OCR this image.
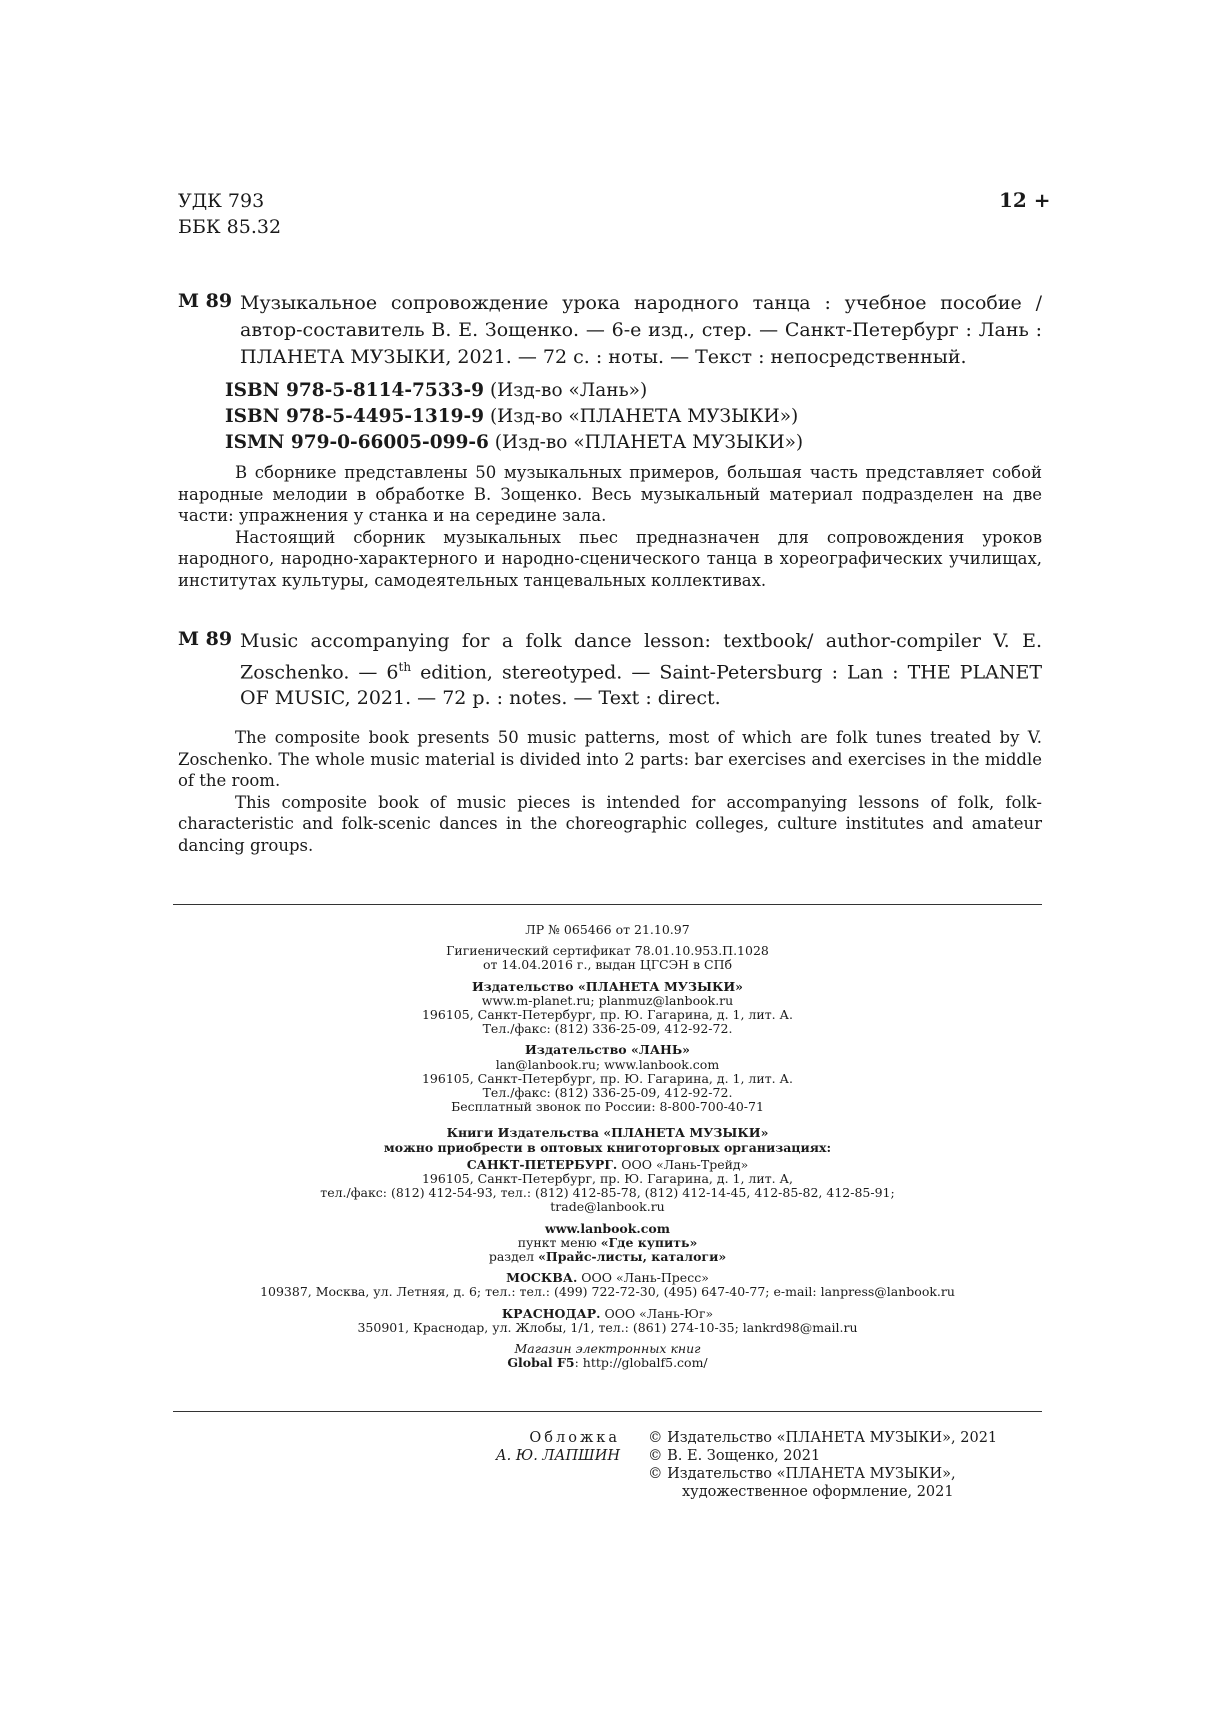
УДК 793
ББК 85.32
12 +
М 89 Музыкальное сопровождение урока народного танца : учебное пособие / автор-составитель В. Е. Зощенко. — 6-е изд., стер. — Санкт-Петербург : Лань : ПЛАНЕТА МУЗЫКИ, 2021. — 72 с. : ноты. — Текст : непосредственный.
ISBN 978-5-8114-7533-9 (Изд-во «Лань»)
ISBN 978-5-4495-1319-9 (Изд-во «ПЛАНЕТА МУЗЫКИ»)
ISMN 979-0-66005-099-6 (Изд-во «ПЛАНЕТА МУЗЫКИ»)

В сборнике представлены 50 музыкальных примеров, большая часть представляет собой народные мелодии в обработке В. Зощенко. Весь музыкальный материал подразделен на две части: упражнения у станка и на середине зала.

Настоящий сборник музыкальных пьес предназначен для сопровождения уроков народного, народно-характерного и народно-сценического танца в хореографических училищах, институтах культуры, самодеятельных танцевальных коллективах.

М 89 Music accompanying for a folk dance lesson: textbook/ author-compiler V. E. Zoschenko. — 6th edition, stereotyped. — Saint-Petersburg : Lan : THE PLANET OF MUSIC, 2021. — 72 p. : notes. — Text : direct.

The composite book presents 50 music patterns, most of which are folk tunes treated by V. Zoschenko. The whole music material is divided into 2 parts: bar exercises and exercises in the middle of the room.

This composite book of music pieces is intended for accompanying lessons of folk, folk-characteristic and folk-scenic dances in the choreographic colleges, culture institutes and amateur dancing groups.

ЛР № 065466 от 21.10.97
Гигиенический сертификат 78.01.10.953.П.1028
от 14.04.2016 г., выдан ЦГСЭН в СПб
Издательство «ПЛАНЕТА МУЗЫКИ»
www.m-planet.ru; planmuz@lanbook.ru
196105, Санкт-Петербург, пр. Ю. Гагарина, д. 1, лит. А.
Тел./факс: (812) 336-25-09, 412-92-72.
Издательство «ЛАНЬ»
lan@lanbook.ru; www.lanbook.com
196105, Санкт-Петербург, пр. Ю. Гагарина, д. 1, лит. А.
Тел./факс: (812) 336-25-09, 412-92-72.
Бесплатный звонок по России: 8-800-700-40-71
Книги Издательства «ПЛАНЕТА МУЗЫКИ»
можно приобрести в оптовых книготорговых организациях:
САНКТ-ПЕТЕРБУРГ. ООО «Лань-Трейд»
196105, Санкт-Петербург, пр. Ю. Гагарина, д. 1, лит. А,
тел./факс: (812) 412-54-93, тел.: (812) 412-85-78, (812) 412-14-45, 412-85-82, 412-85-91;
trade@lanbook.ru
www.lanbook.com
пункт меню «Где купить»
раздел «Прайс-листы, каталоги»
МОСКВА. ООО «Лань-Пресс»
109387, Москва, ул. Летняя, д. 6; тел.: тел.: (499) 722-72-30, (495) 647-40-77; e-mail: lanpress@lanbook.ru
КРАСНОДАР. ООО «Лань-Юг»
350901, Краснодар, ул. Жлобы, 1/1, тел.: (861) 274-10-35; lankrd98@mail.ru
Магазин электронных книг
Global F5: http://globalf5.com/
Обложка
А. Ю. ЛАПШИН
© Издательство «ПЛАНЕТА МУЗЫКИ», 2021
© В. Е. Зощенко, 2021
© Издательство «ПЛАНЕТА МУЗЫКИ»,
художественное оформление, 2021
